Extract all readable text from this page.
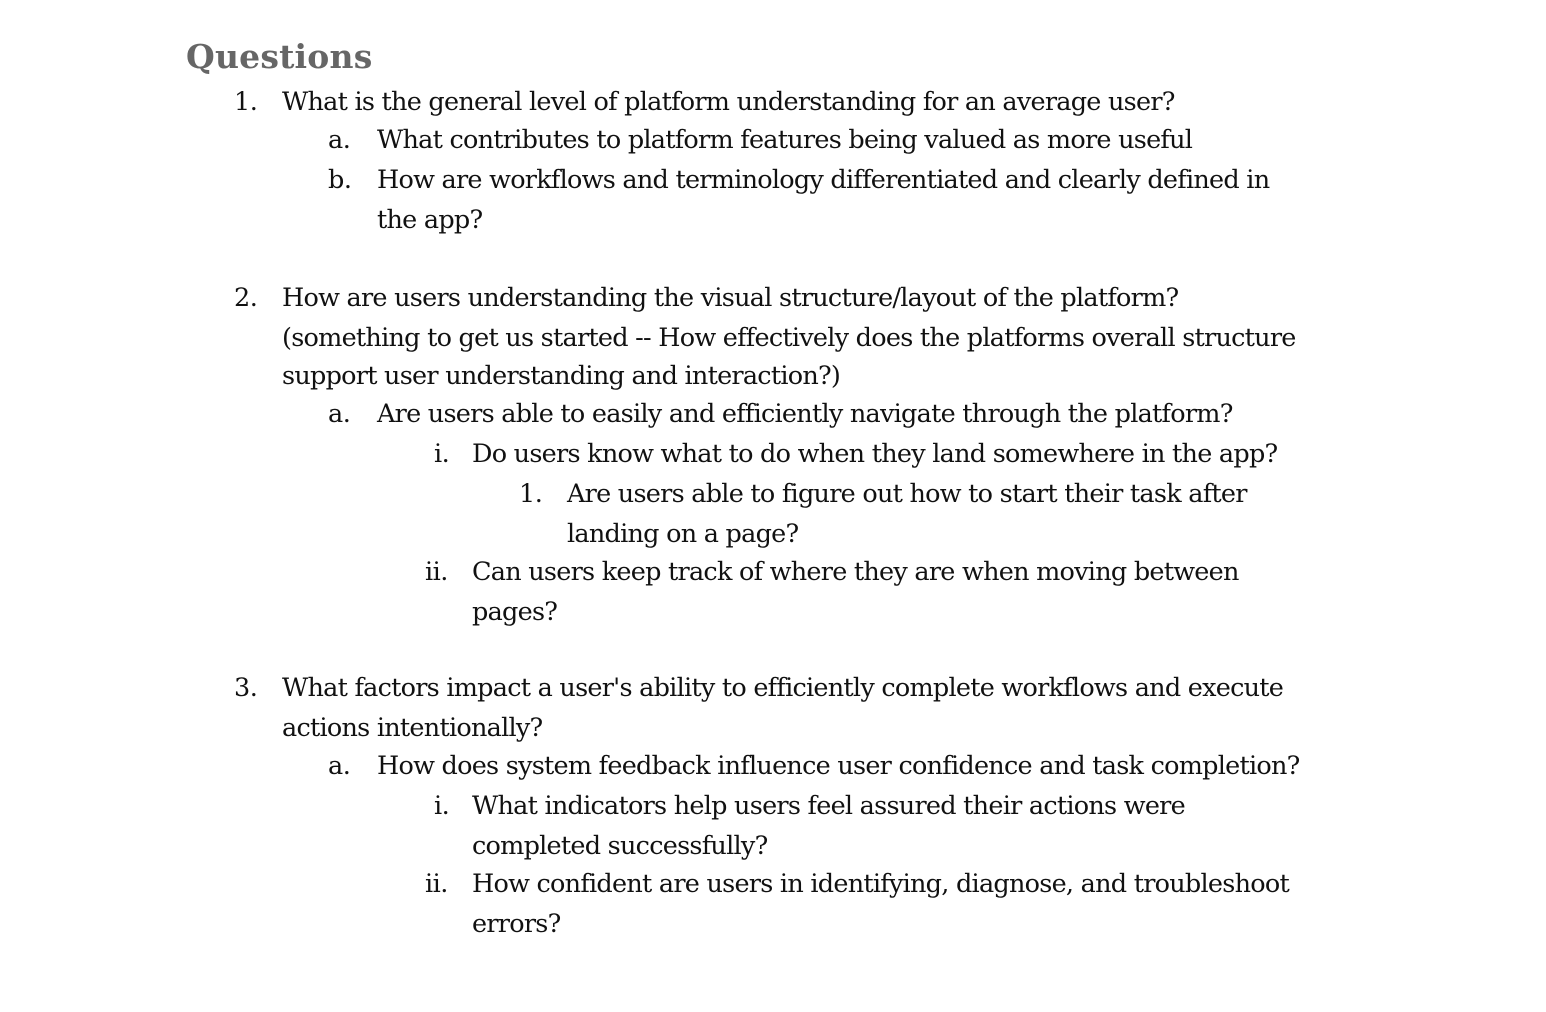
Questions
1. What is the general level of platform understanding for an average user?
a. What contributes to platform features being valued as more useful
b. How are workflows and terminology differentiated and clearly defined in
the app?
2. How are users understanding the visual structure/layout of the platform?
(something to get us started -- How effectively does the platforms overall structure
support user understanding and interaction?)
a. Are users able to easily and efficiently navigate through the platform?
i. Do users know what to do when they land somewhere in the app?
1. Are users able to figure out how to start their task after
landing on a page?
ii. Can users keep track of where they are when moving between
pages?
3. What factors impact a user's ability to efficiently complete workflows and execute
actions intentionally?
a. How does system feedback influence user confidence and task completion?
i. What indicators help users feel assured their actions were
completed successfully?
ii. How confident are users in identifying, diagnose, and troubleshoot
errors?
